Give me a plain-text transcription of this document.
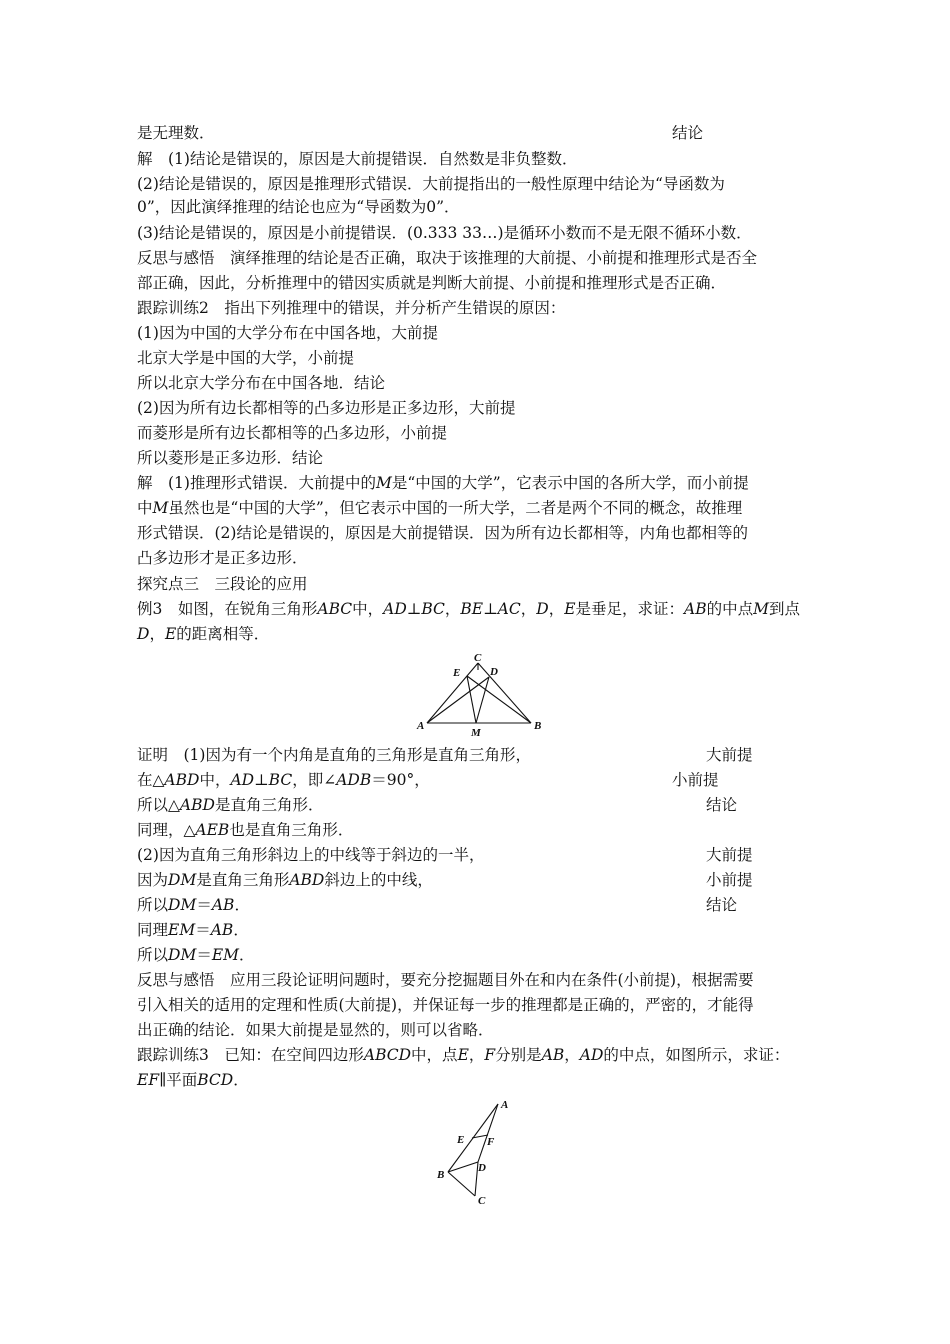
是无理数．	结论
解　(1)结论是错误的，原因是大前提错误．自然数是非负整数．
(2)结论是错误的，原因是推理形式错误．大前提指出的一般性原理中结论为“导函数为
0”，因此演绎推理的结论也应为“导函数为0”．
(3)结论是错误的，原因是小前提错误．(0.333 33…)是循环小数而不是无限不循环小数．
反思与感悟　演绎推理的结论是否正确，取决于该推理的大前提、小前提和推理形式是否全
部正确，因此，分析推理中的错因实质就是判断大前提、小前提和推理形式是否正确．
跟踪训练2　指出下列推理中的错误，并分析产生错误的原因：
(1)因为中国的大学分布在中国各地，大前提
北京大学是中国的大学，小前提
所以北京大学分布在中国各地．结论
(2)因为所有边长都相等的凸多边形是正多边形，大前提
而菱形是所有边长都相等的凸多边形，小前提
所以菱形是正多边形．结论
解　(1)推理形式错误．大前提中的M是“中国的大学”，它表示中国的各所大学，而小前提
中M虽然也是“中国的大学”，但它表示中国的一所大学，二者是两个不同的概念，故推理
形式错误．(2)结论是错误的，原因是大前提错误．因为所有边长都相等，内角也都相等的
凸多边形才是正多边形．
探究点三　三段论的应用
例3　如图，在锐角三角形ABC中，AD⊥BC，BE⊥AC，D，E是垂足，求证：AB的中点M到点
D，E的距离相等．
C
E	D
A	B
M
证明　(1)因为有一个内角是直角的三角形是直角三角形，	大前提
在△ABD中，AD⊥BC，即∠ADB＝90°，	小前提
所以△ABD是直角三角形．	结论
同理，△AEB也是直角三角形．
(2)因为直角三角形斜边上的中线等于斜边的一半，	大前提
因为DM是直角三角形ABD斜边上的中线，	小前提
所以DM＝AB．	结论
同理EM＝AB．
所以DM＝EM．
反思与感悟　应用三段论证明问题时，要充分挖掘题目外在和内在条件(小前提)，根据需要
引入相关的适用的定理和性质(大前提)，并保证每一步的推理都是正确的，严密的，才能得
出正确的结论．如果大前提是显然的，则可以省略．
跟踪训练3　已知：在空间四边形ABCD中，点E，F分别是AB，AD的中点，如图所示，求证：
EF∥平面BCD．
A
E F
B
D
C
